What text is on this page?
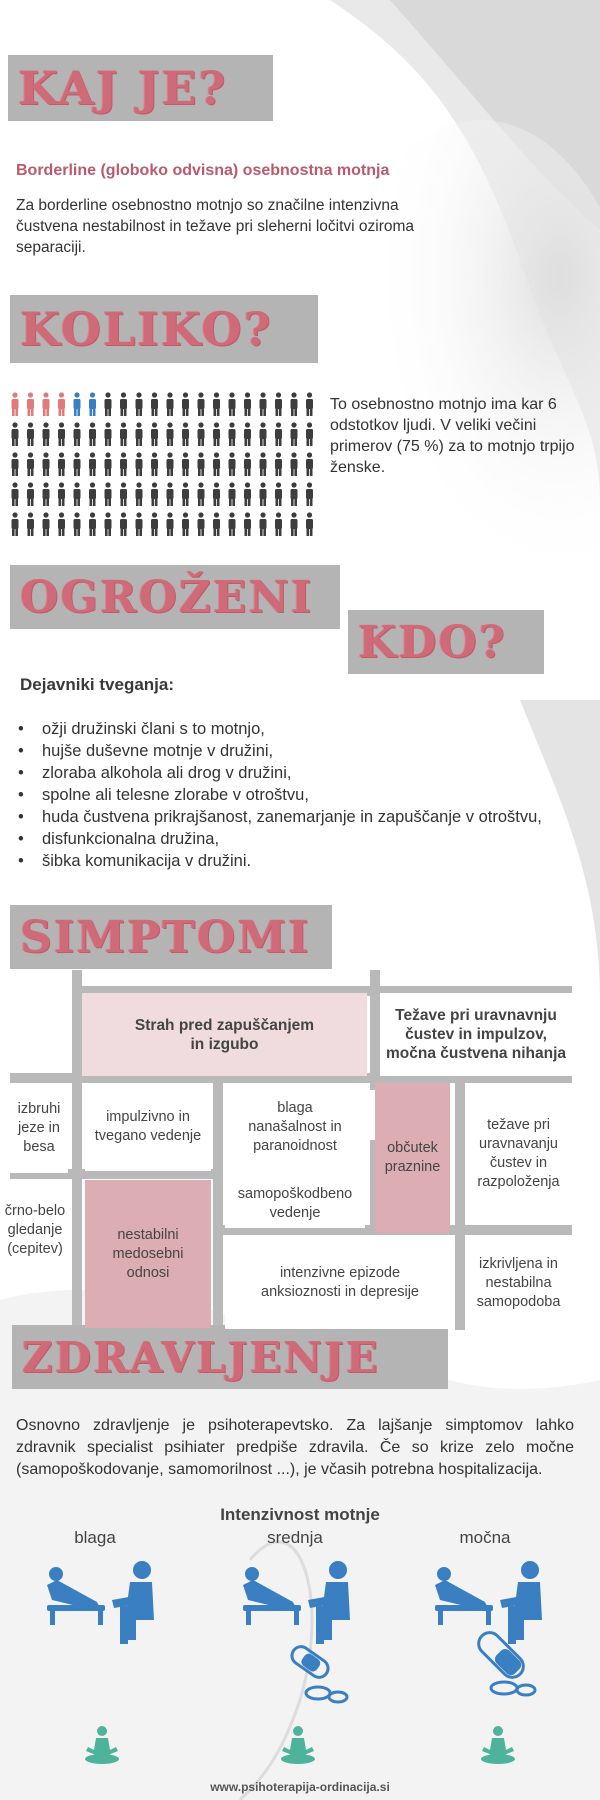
KAJ JE?
Borderline (globoko odvisna) osebnostna motnja
Za borderline osebnostno motnjo so značilne intenzivna čustvena nestabilnost in težave pri sleherni ločitvi oziroma separaciji.
KOLIKO?
To osebnostno motnjo ima kar 6 odstotkov ljudi. V veliki večini primerov (75 %) za to motnjo trpijo ženske.
OGROŽENI
KDO?
Dejavniki tveganja:
• ožji družinski člani s to motnjo,
• hujše duševne motnje v družini,
• zloraba alkohola ali drog v družini,
• spolne ali telesne zlorabe v otroštvu,
• huda čustvena prikrajšanost, zanemarjanje in zapuščanje v otroštvu,
• disfunkcionalna družina,
• šibka komunikacija v družini.
SIMPTOMI
Strah pred zapuščanjem in izgubo
Težave pri uravnavnju čustev in impulzov, močna čustvena nihanja
izbruhi jeze in besa
impulzivno in tvegano vedenje
blaga nanašalnost in paranoidnost	občutek praznine
težave pri uravnavanju čustev in razpoloženja
črno-belo gledanje (cepitev)
nestabilni medosebni odnosi
samopoškodbeno vedenje
intenzivne epizode anksioznosti in depresije
izkrivljena in nestabilna samopodoba
ZDRAVLJENJE
Osnovno zdravljenje je psihoterapevtsko. Za lajšanje simptomov lahko zdravnik specialist psihiater predpiše zdravila. Če so krize zelo močne (samopoškodovanje, samomorilnost ...), je včasih potrebna hospitalizacija.
Intenzivnost motnje
blaga	srednja	močna
www.psihoterapija-ordinacija.si
